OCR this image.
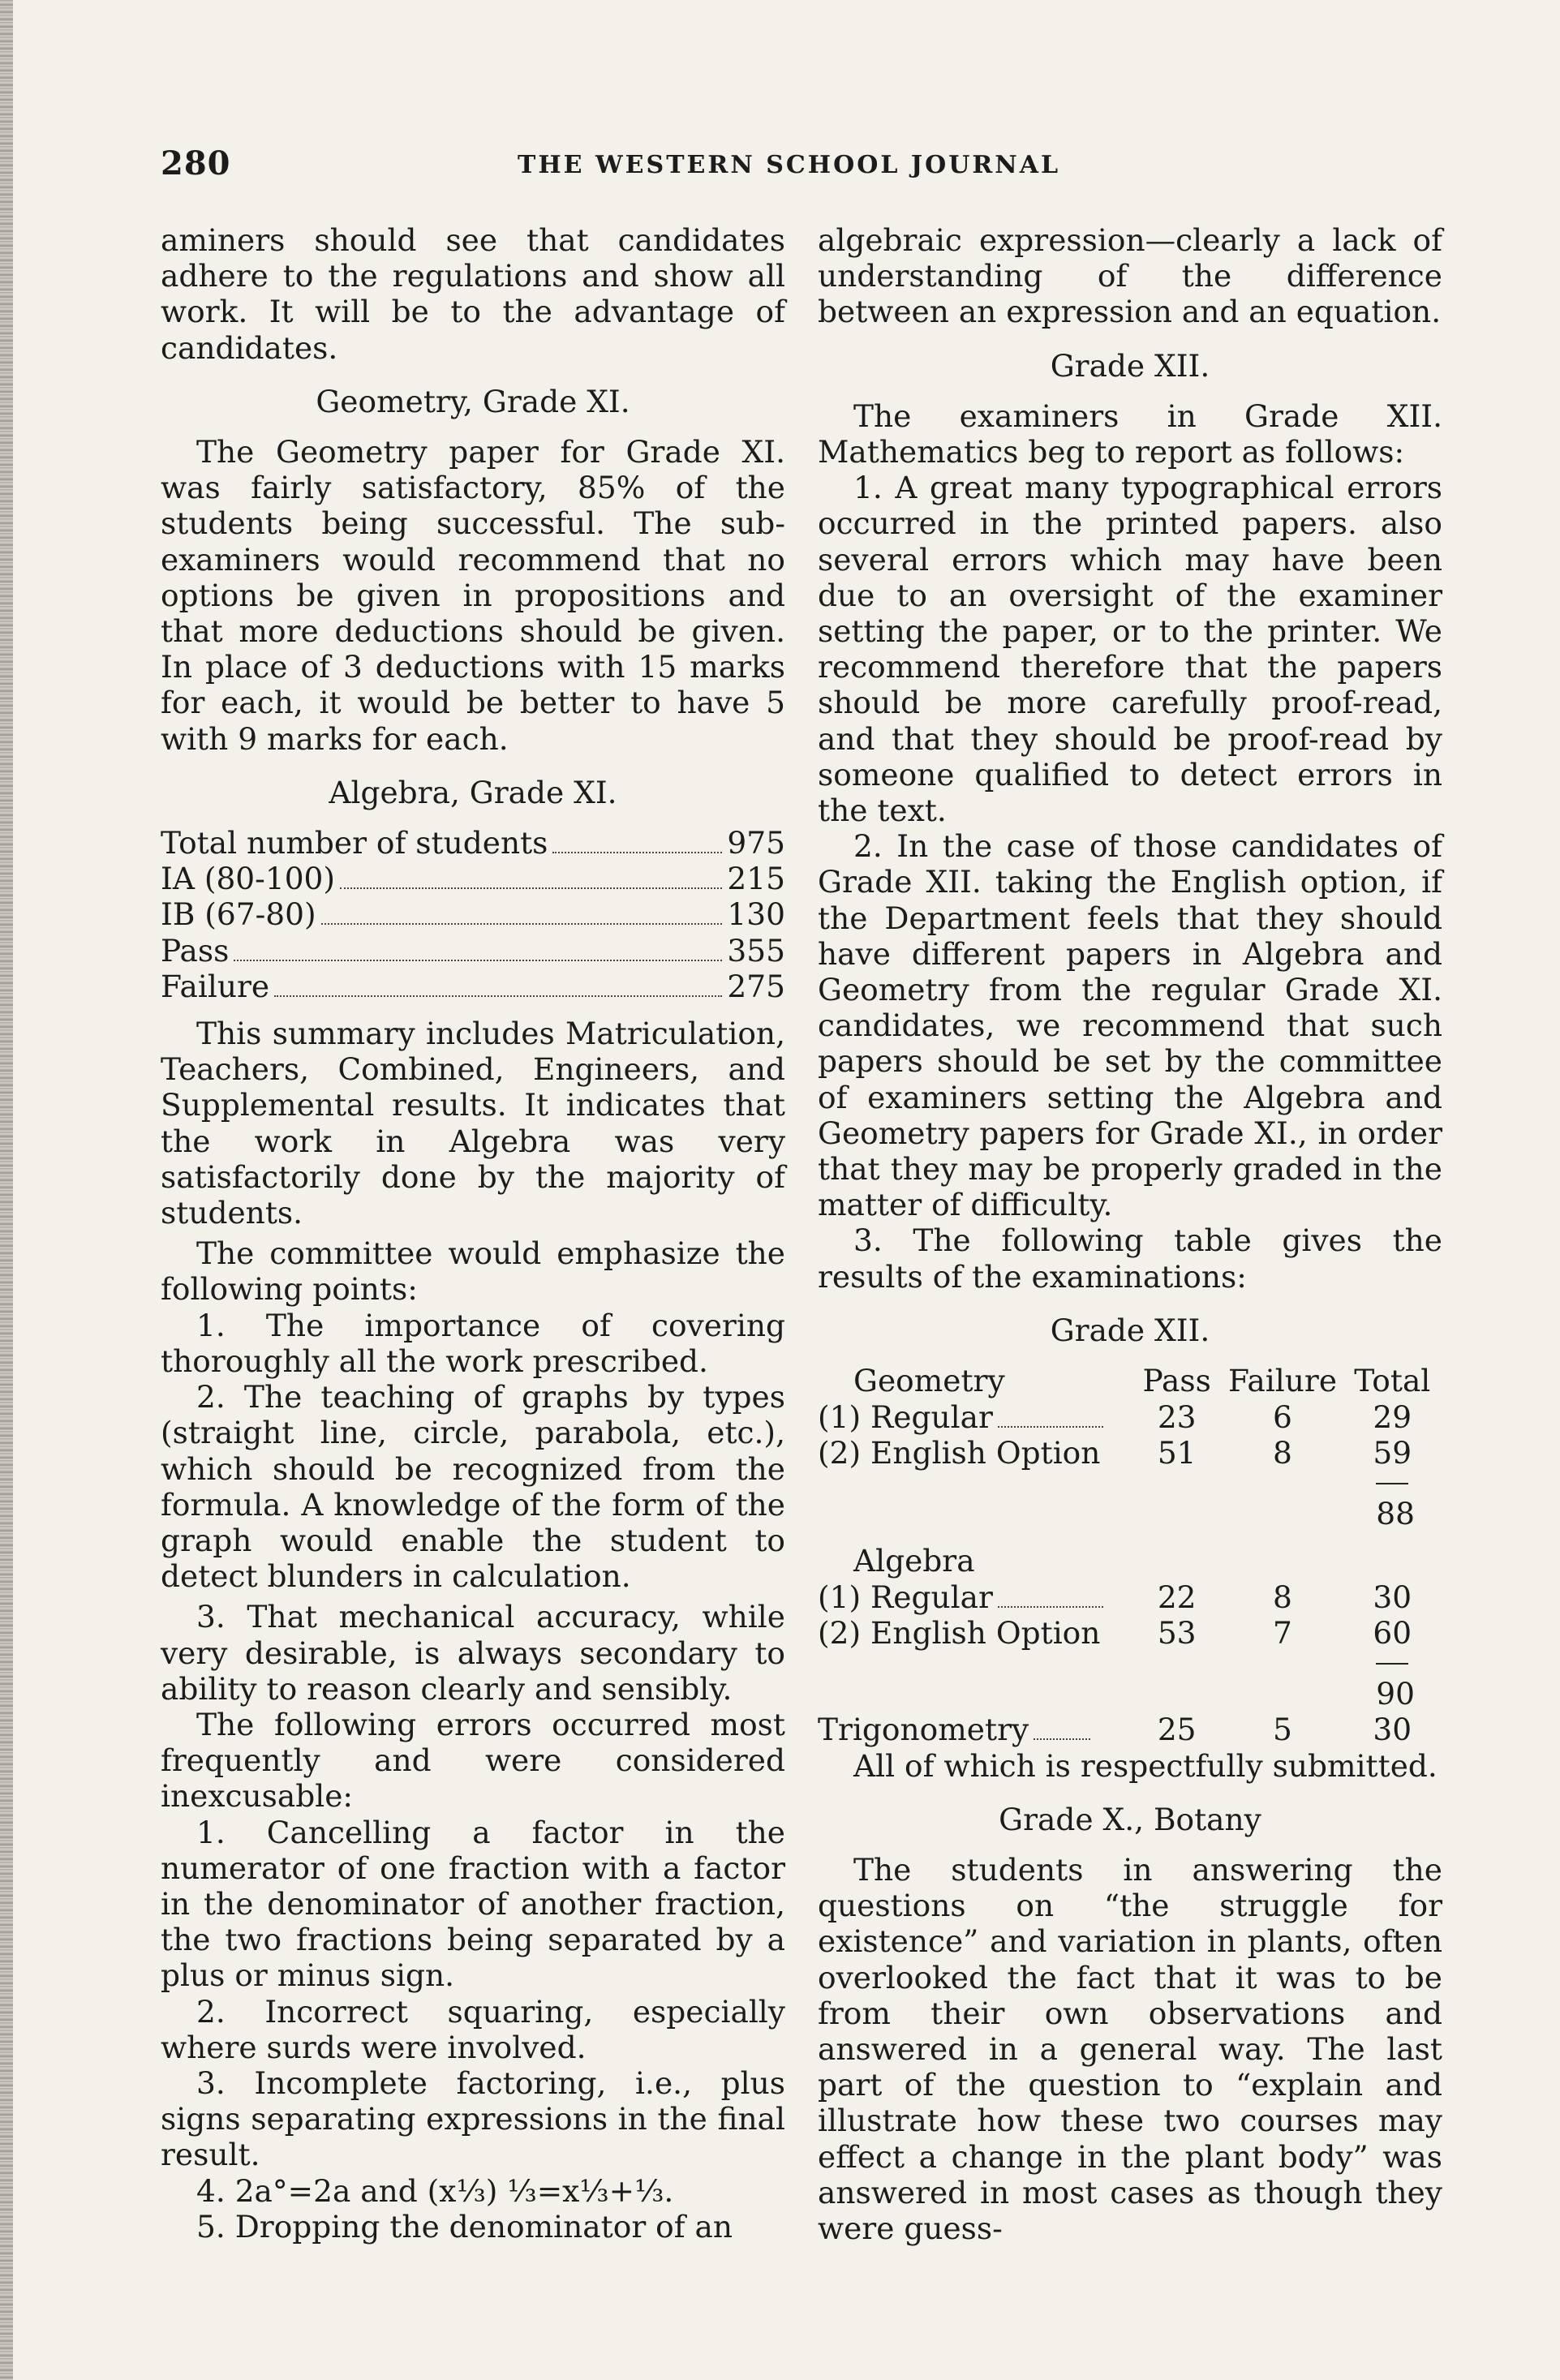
280	THE WESTERN SCHOOL JOURNAL

aminers should see that candidates adhere to the regulations and show all work. It will be to the advantage of candidates.

Geometry, Grade XI.

The Geometry paper for Grade XI. was fairly satisfactory, 85% of the students being successful. The sub-examiners would recommend that no options be given in propositions and that more deductions should be given. In place of 3 deductions with 15 marks for each, it would be better to have 5 with 9 marks for each.

Algebra, Grade XI.
Total number of students	975
IA (80-100)	215
IB (67-80)	130
Pass	355
Failure	275

This summary includes Matriculation, Teachers, Combined, Engineers, and Supplemental results. It indicates that the work in Algebra was very satisfactorily done by the majority of students.

The committee would emphasize the following points:

1. The importance of covering thoroughly all the work prescribed.

2. The teaching of graphs by types (straight line, circle, parabola, etc.), which should be recognized from the formula. A knowledge of the form of the graph would enable the student to detect blunders in calculation.

3. That mechanical accuracy, while very desirable, is always secondary to ability to reason clearly and sensibly.

The following errors occurred most frequently and were considered inexcusable:

1. Cancelling a factor in the numerator of one fraction with a factor in the denominator of another fraction, the two fractions being separated by a plus or minus sign.

2. Incorrect squaring, especially where surds were involved.

3. Incomplete factoring, i.e., plus signs separating expressions in the final result.

4. 2a°=2a and (x⅓) ⅓=x⅓+⅓.

5. Dropping the denominator of an

algebraic expression—clearly a lack of understanding of the difference between an expression and an equation.

Grade XII.

The examiners in Grade XII. Mathematics beg to report as follows:

1. A great many typographical errors occurred in the printed papers. also several errors which may have been due to an oversight of the examiner setting the paper, or to the printer. We recommend therefore that the papers should be more carefully proof-read, and that they should be proof-read by someone qualified to detect errors in the text.

2. In the case of those candidates of Grade XII. taking the English option, if the Department feels that they should have different papers in Algebra and Geometry from the regular Grade XI. candidates, we recommend that such papers should be set by the committee of examiners setting the Algebra and Geometry papers for Grade XI., in order that they may be properly graded in the matter of difficulty.

3. The following table gives the results of the examinations:

Grade XII.
Geometry	Pass	Failure	Total
(1) Regular	23	6	29
(2) English Option	51	8	59
			88
Algebra			
(1) Regular	22	8	30
(2) English Option	53	7	60
			90
Trigonometry	25	5	30

All of which is respectfully submitted.

Grade X., Botany

The students in answering the questions on “the struggle for existence” and variation in plants, often overlooked the fact that it was to be from their own observations and answered in a general way. The last part of the question to “explain and illustrate how these two courses may effect a change in the plant body” was answered in most cases as though they were guess-
